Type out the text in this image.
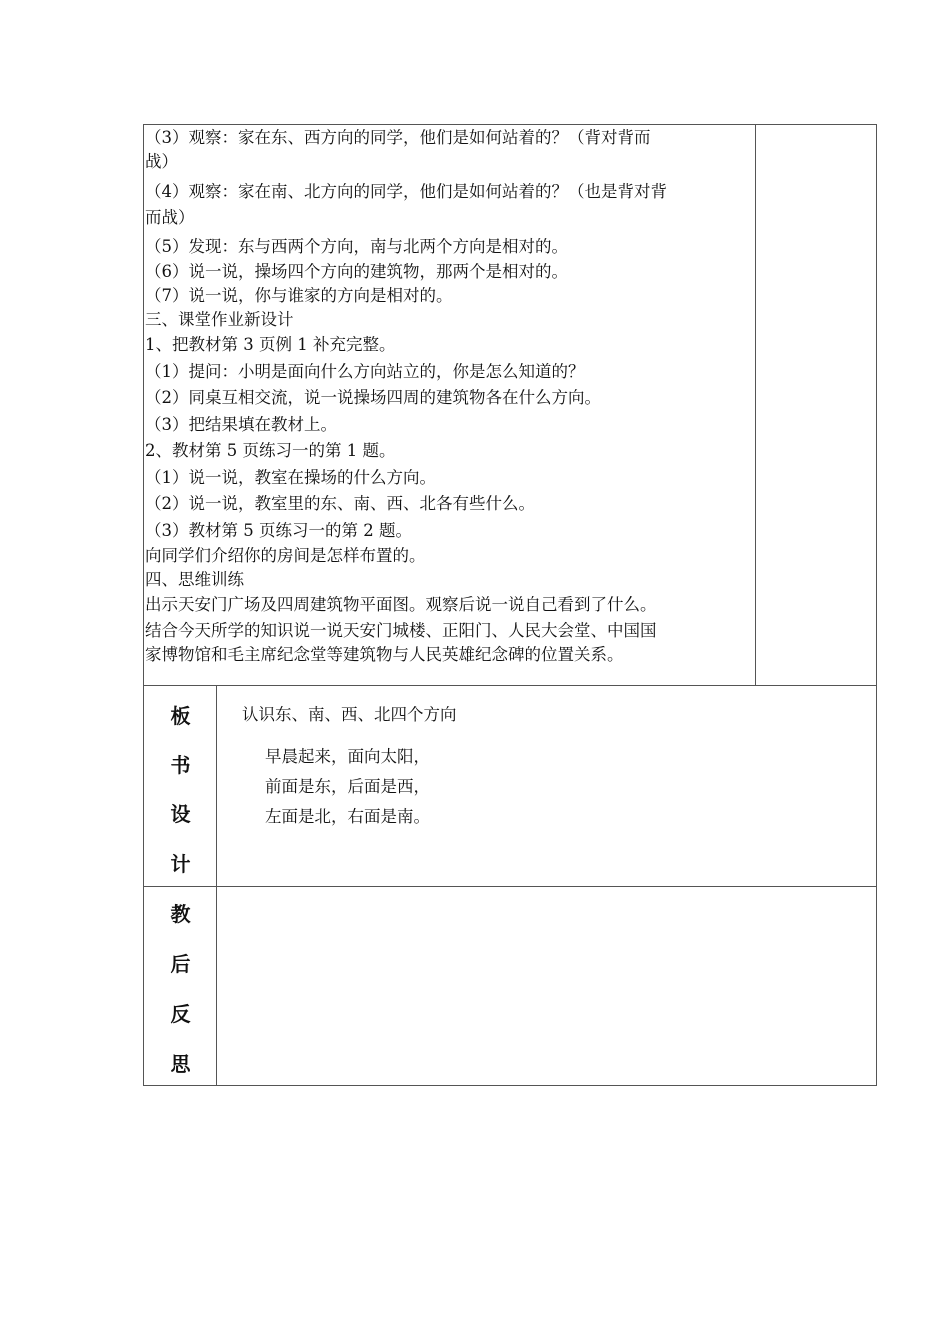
（3）观察：家在东、西方向的同学，他们是如何站着的？（背对背而
战）
（4）观察：家在南、北方向的同学，他们是如何站着的？（也是背对背
而战）
（5）发现：东与西两个方向，南与北两个方向是相对的。
（6）说一说，操场四个方向的建筑物，那两个是相对的。
（7）说一说，你与谁家的方向是相对的。
三、课堂作业新设计
1、把教材第 3 页例 1 补充完整。
（1）提问：小明是面向什么方向站立的，你是怎么知道的？
（2）同桌互相交流，说一说操场四周的建筑物各在什么方向。
（3）把结果填在教材上。
2、教材第 5 页练习一的第 1 题。
（1）说一说，教室在操场的什么方向。
（2）说一说，教室里的东、南、西、北各有些什么。
（3）教材第 5 页练习一的第 2 题。
向同学们介绍你的房间是怎样布置的。
四、思维训练
出示天安门广场及四周建筑物平面图。观察后说一说自己看到了什么。
结合今天所学的知识说一说天安门城楼、正阳门、人民大会堂、中国国
家博物馆和毛主席纪念堂等建筑物与人民英雄纪念碑的位置关系。
板
书
设
计
认识东、南、西、北四个方向
早晨起来，面向太阳，
前面是东，后面是西，
左面是北，右面是南。
教
后
反
思
